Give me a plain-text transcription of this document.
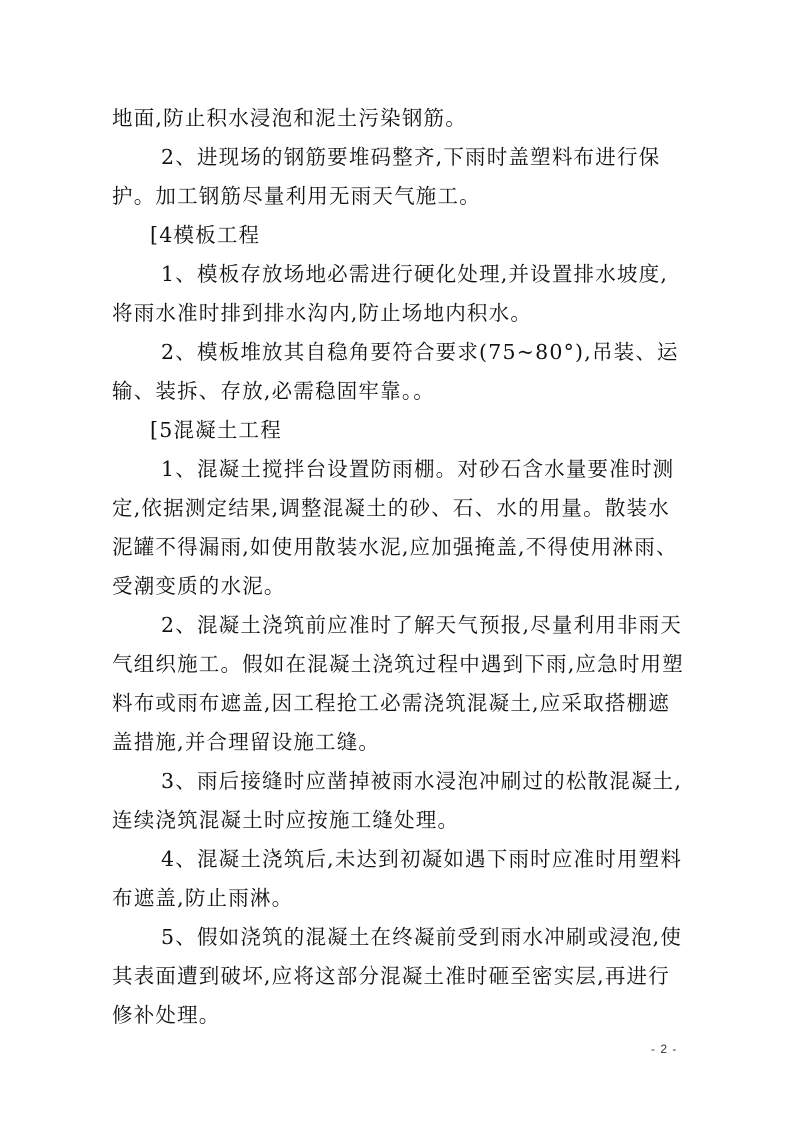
地面,防止积水浸泡和泥土污染钢筋。

2、进现场的钢筋要堆码整齐,下雨时盖塑料布进行保护。加工钢筋尽量利用无雨天气施工。

[4模板工程

1、模板存放场地必需进行硬化处理,并设置排水坡度,将雨水准时排到排水沟内,防止场地内积水。

2、模板堆放其自稳角要符合要求(75~80°),吊装、运输、装拆、存放,必需稳固牢靠。。

[5混凝土工程

1、混凝土搅拌台设置防雨棚。对砂石含水量要准时测定,依据测定结果,调整混凝土的砂、石、水的用量。散装水泥罐不得漏雨,如使用散装水泥,应加强掩盖,不得使用淋雨、受潮变质的水泥。

2、混凝土浇筑前应准时了解天气预报,尽量利用非雨天气组织施工。假如在混凝土浇筑过程中遇到下雨,应急时用塑料布或雨布遮盖,因工程抢工必需浇筑混凝土,应采取搭棚遮盖措施,并合理留设施工缝。

3、雨后接缝时应凿掉被雨水浸泡冲刷过的松散混凝土,连续浇筑混凝土时应按施工缝处理。

4、混凝土浇筑后,未达到初凝如遇下雨时应准时用塑料布遮盖,防止雨淋。

5、假如浇筑的混凝土在终凝前受到雨水冲刷或浸泡,使其表面遭到破坏,应将这部分混凝土准时砸至密实层,再进行修补处理。

- 2 -
